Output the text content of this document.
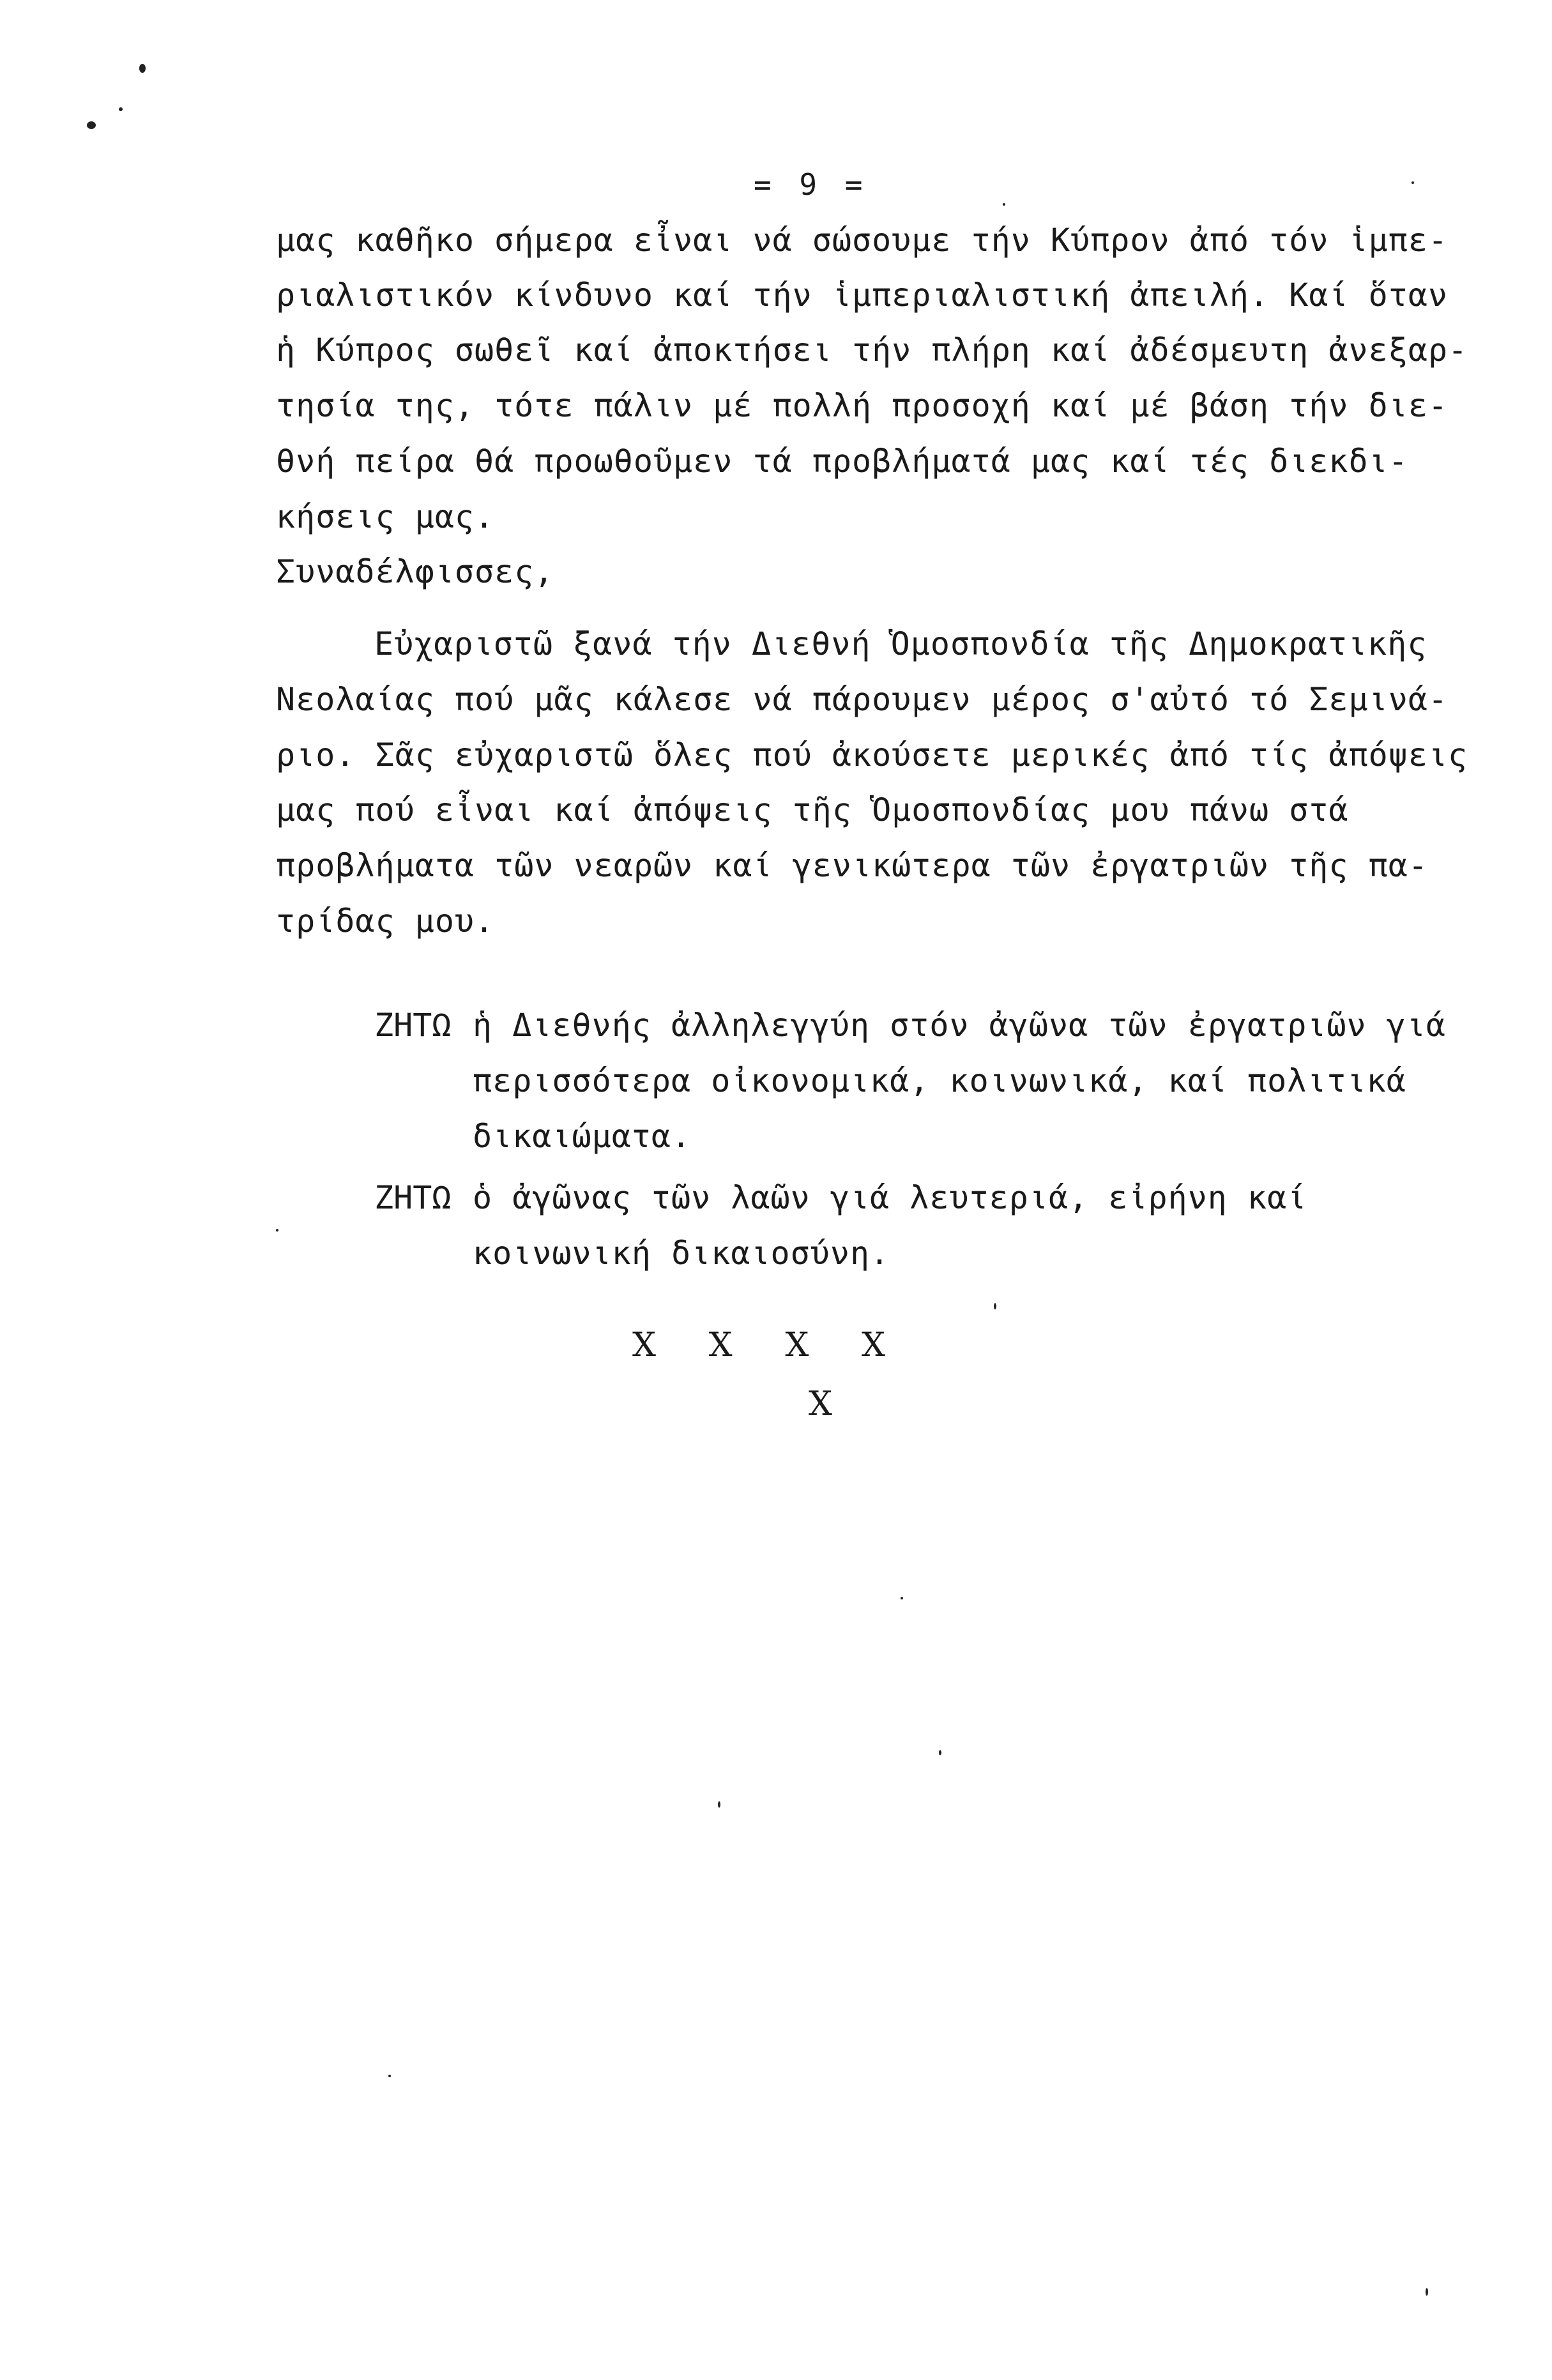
= 9 =
μας καθῆκο σήμερα εἶναι νά σώσουμε τήν Κύπρον ἀπό τόν ἱμπε-
ριαλιστικόν κίνδυνο καί τήν ἱμπεριαλιστική ἀπειλή. Καί ὅταν
ἡ Κύπρος σωθεῖ καί ἀποκτήσει τήν πλήρη καί ἀδέσμευτη ἀνεξαρ-
τησία της, τότε πάλιν μέ πολλή προσοχή καί μέ βάση τήν διε-
θνή πείρα θά προωθοῦμεν τά προβλήματά μας καί τές διεκδι-
κήσεις μας.
Συναδέλφισσες,
Εὐχαριστῶ ξανά τήν Διεθνή Ὁμοσπονδία τῆς Δημοκρατικῆς
Νεολαίας πού μᾶς κάλεσε νά πάρουμεν μέρος σ'αὐτό τό Σεμινά-
ριο. Σᾶς εὐχαριστῶ ὅλες πού ἀκούσετε μερικές ἀπό τίς ἀπόψεις
μας πού εἶναι καί ἀπόψεις τῆς Ὁμοσπονδίας μου πάνω στά
προβλήματα τῶν νεαρῶν καί γενικώτερα τῶν ἐργατριῶν τῆς πα-
τρίδας μου.
ΖΗΤΩ ἡ Διεθνής ἀλληλεγγύη στόν ἀγῶνα τῶν ἐργατριῶν γιά
περισσότερα οἰκονομικά, κοινωνικά, καί πολιτικά
δικαιώματα.
ΖΗΤΩ ὁ ἀγῶνας τῶν λαῶν γιά λευτεριά, εἰρήνη καί
κοινωνική δικαιοσύνη.
X     X     X     X
X
